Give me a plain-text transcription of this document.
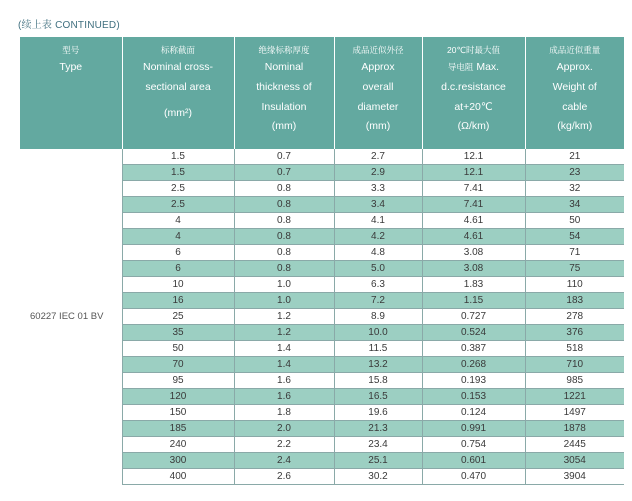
(续上表 CONTINUED)
型号
Type	标称截面
Nominal cross-
sectional area
(mm²)	绝缘标称厚度
Nominal
thickness of
Insulation
(mm)	成品近似外径
Approx
overall
diameter
(mm)	20℃时最大值
导电阻 Max.
d.c.resistance
at+20℃
(Ω/km)	成品近似重量
Approx.
Weight of
cable
(kg/km)

60227 IEC 01 BV	1.5	0.7	2.7	12.1	21
	1.5	0.7	2.9	12.1	23
	2.5	0.8	3.3	7.41	32
	2.5	0.8	3.4	7.41	34
	4	0.8	4.1	4.61	50
	4	0.8	4.2	4.61	54
	6	0.8	4.8	3.08	71
	6	0.8	5.0	3.08	75
	10	1.0	6.3	1.83	110
	16	1.0	7.2	1.15	183
	25	1.2	8.9	0.727	278
	35	1.2	10.0	0.524	376
	50	1.4	11.5	0.387	518
	70	1.4	13.2	0.268	710
	95	1.6	15.8	0.193	985
	120	1.6	16.5	0.153	1221
	150	1.8	19.6	0.124	1497
	185	2.0	21.3	0.991	1878
	240	2.2	23.4	0.754	2445
	300	2.4	25.1	0.601	3054
	400	2.6	30.2	0.470	3904
